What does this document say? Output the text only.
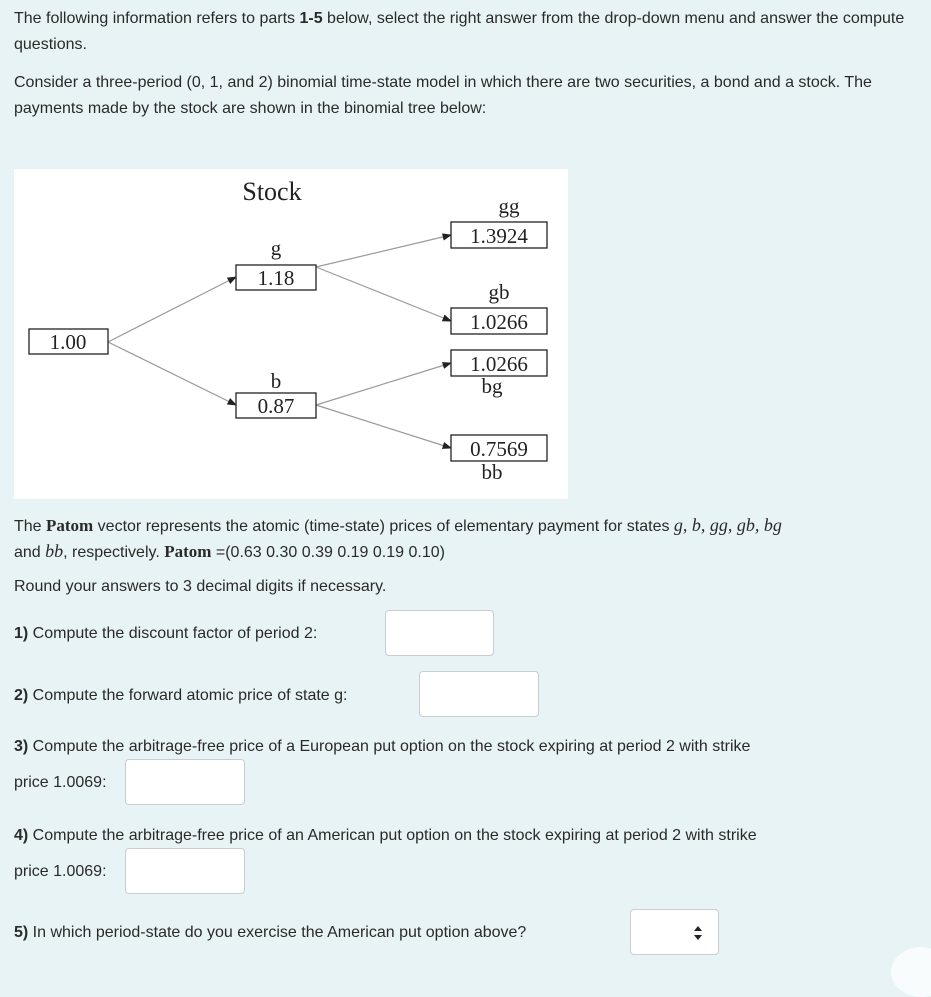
The following information refers to parts 1-5 below, select the right answer from the drop-down menu and answer the compute questions.

Consider a three-period (0, 1, and 2) binomial time-state model in which there are two securities, a bond and a stock. The payments made by the stock are shown in the binomial tree below:

Stock
1.00
g
1.18
b
0.87
gg
1.3924
gb
1.0266
1.0266
bg
0.7569
bb

The Patom vector represents the atomic (time-state) prices of elementary payment for states g, b, gg, gb, bg

and bb, respectively. Patom =(0.63 0.30 0.39 0.19 0.19 0.10)

Round your answers to 3 decimal digits if necessary.

1) Compute the discount factor of period 2:
2) Compute the forward atomic price of state g:
3) Compute the arbitrage-free price of a European put option on the stock expiring at period 2 with strike
price 1.0069:
4) Compute the arbitrage-free price of an American put option on the stock expiring at period 2 with strike
price 1.0069:
5) In which period-state do you exercise the American put option above?
